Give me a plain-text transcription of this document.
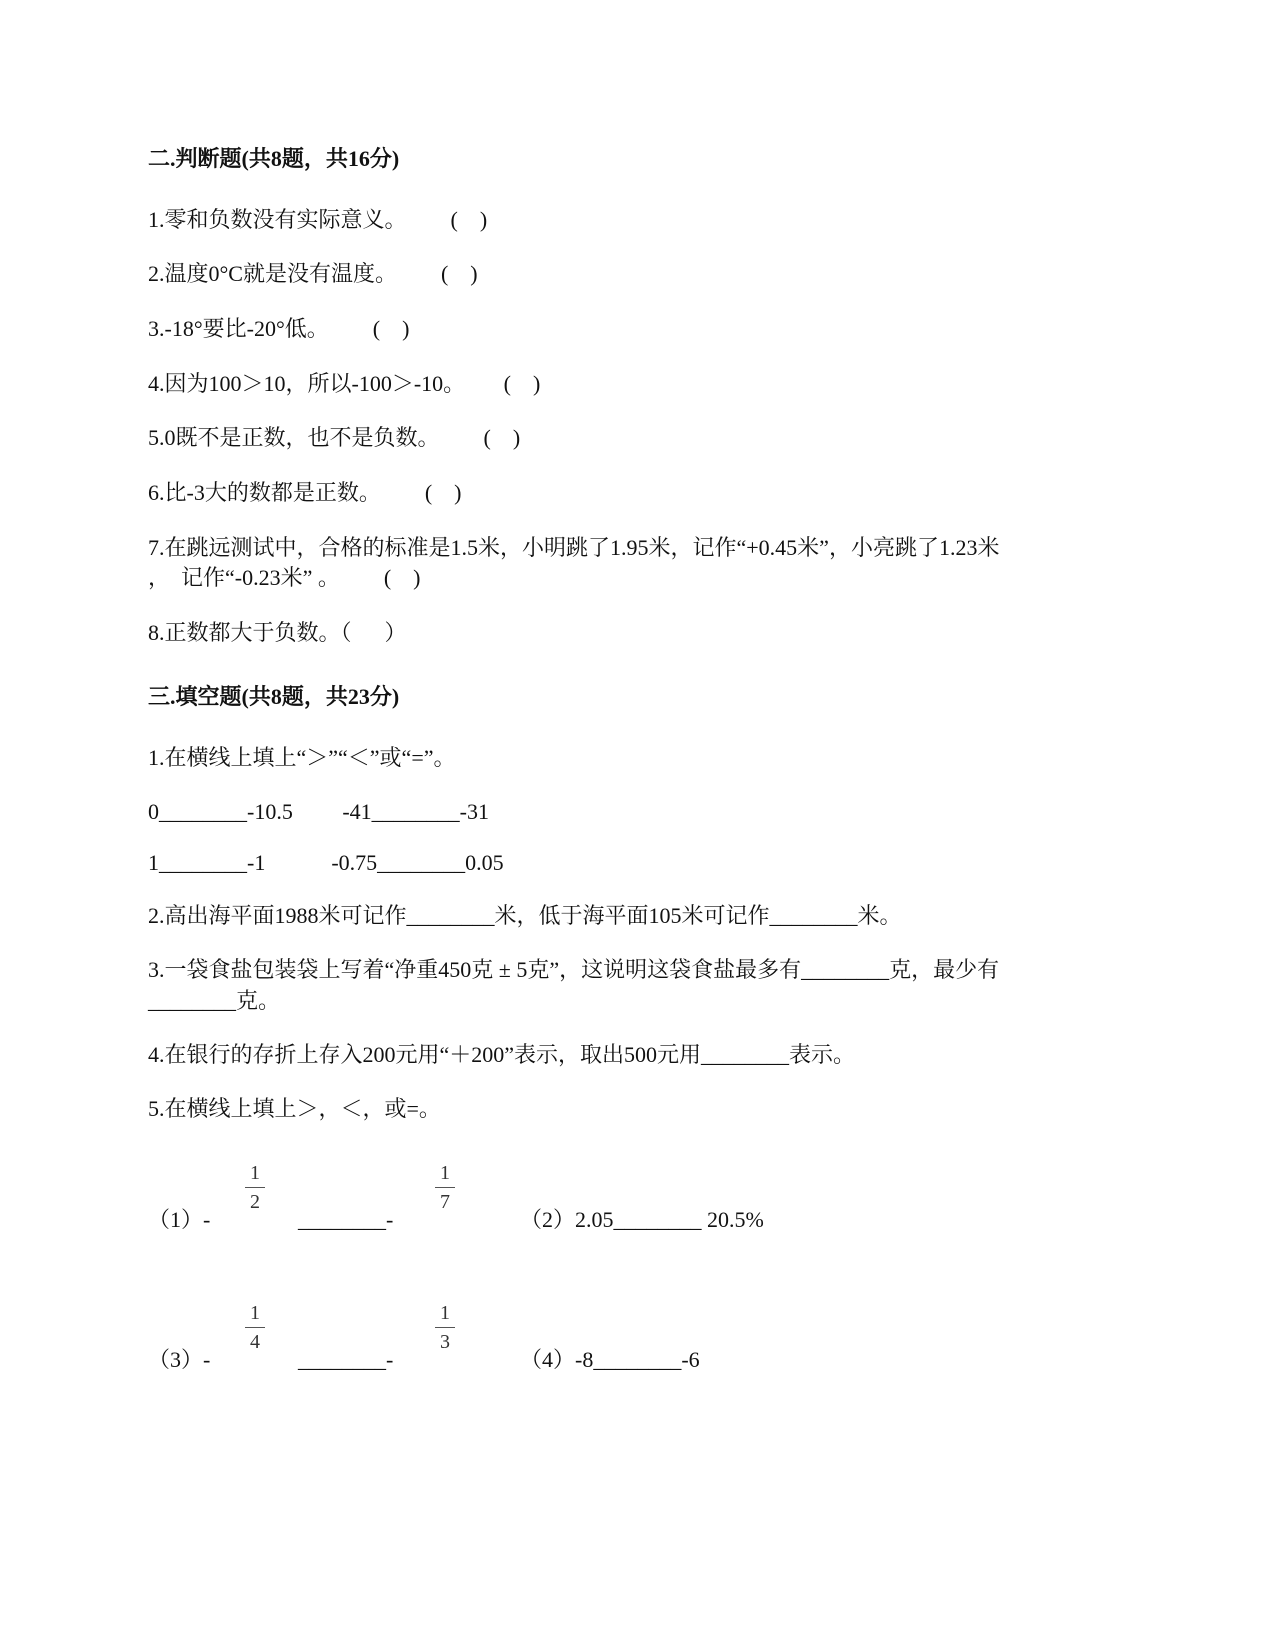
二.判断题(共8题，共16分)
1.零和负数没有实际意义。        (    )
2.温度0°C就是没有温度。        (    )
3.-18°要比-20°低。        (    )
4.因为100＞10，所以-100＞-10。       (    )
5.0既不是正数，也不是负数。        (    )
6.比-3大的数都是正数。        (    )
7.在跳远测试中，合格的标准是1.5米，小明跳了1.95米，记作“+0.45米”，小亮跳了1.23米
，  记作“-0.23米” 。        (    )
8.正数都大于负数。（      ）
三.填空题(共8题，共23分)
1.在横线上填上“＞”“＜”或“=”。
0________-10.5         -41________-31
1________-1            -0.75________0.05
2.高出海平面1988米可记作________米，低于海平面105米可记作________米。
3.一袋食盐包装袋上写着“净重450克 ± 5克”，这说明这袋食盐最多有________克，最少有
________克。
4.在银行的存折上存入200元用“＋200”表示，取出500元用________表示。
5.在横线上填上＞，＜，或=。
（1）-
1
2
________-
1
7
（2）2.05________ 20.5%
（3）-
1
4
________-
1
3
（4）-8________-6
